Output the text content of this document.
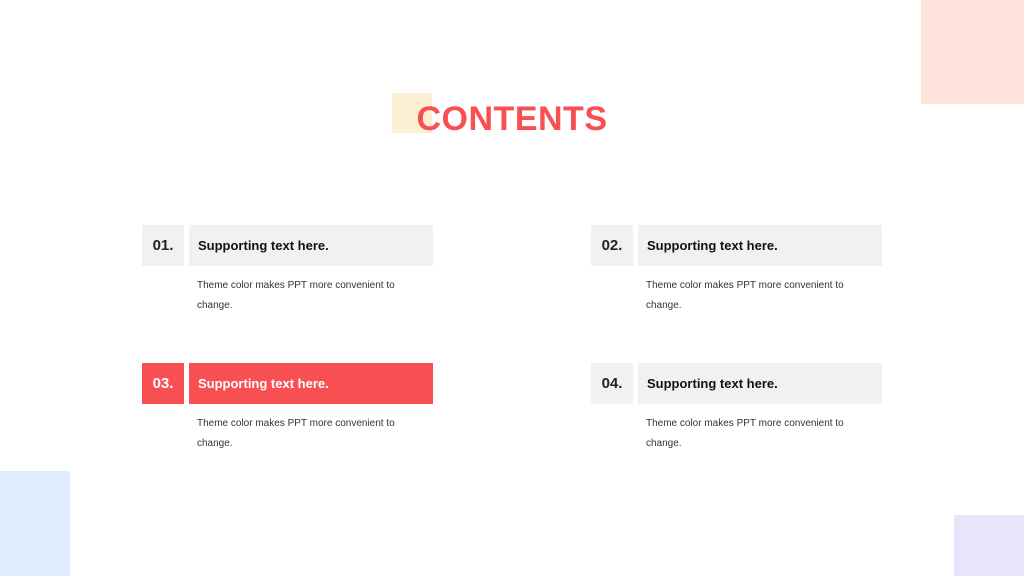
CONTENTS
01.	Supporting text here.
Theme color makes PPT more convenient to change.
02.	Supporting text here.
Theme color makes PPT more convenient to change.
03.	Supporting text here.
Theme color makes PPT more convenient to change.
04.	Supporting text here.
Theme color makes PPT more convenient to change.
